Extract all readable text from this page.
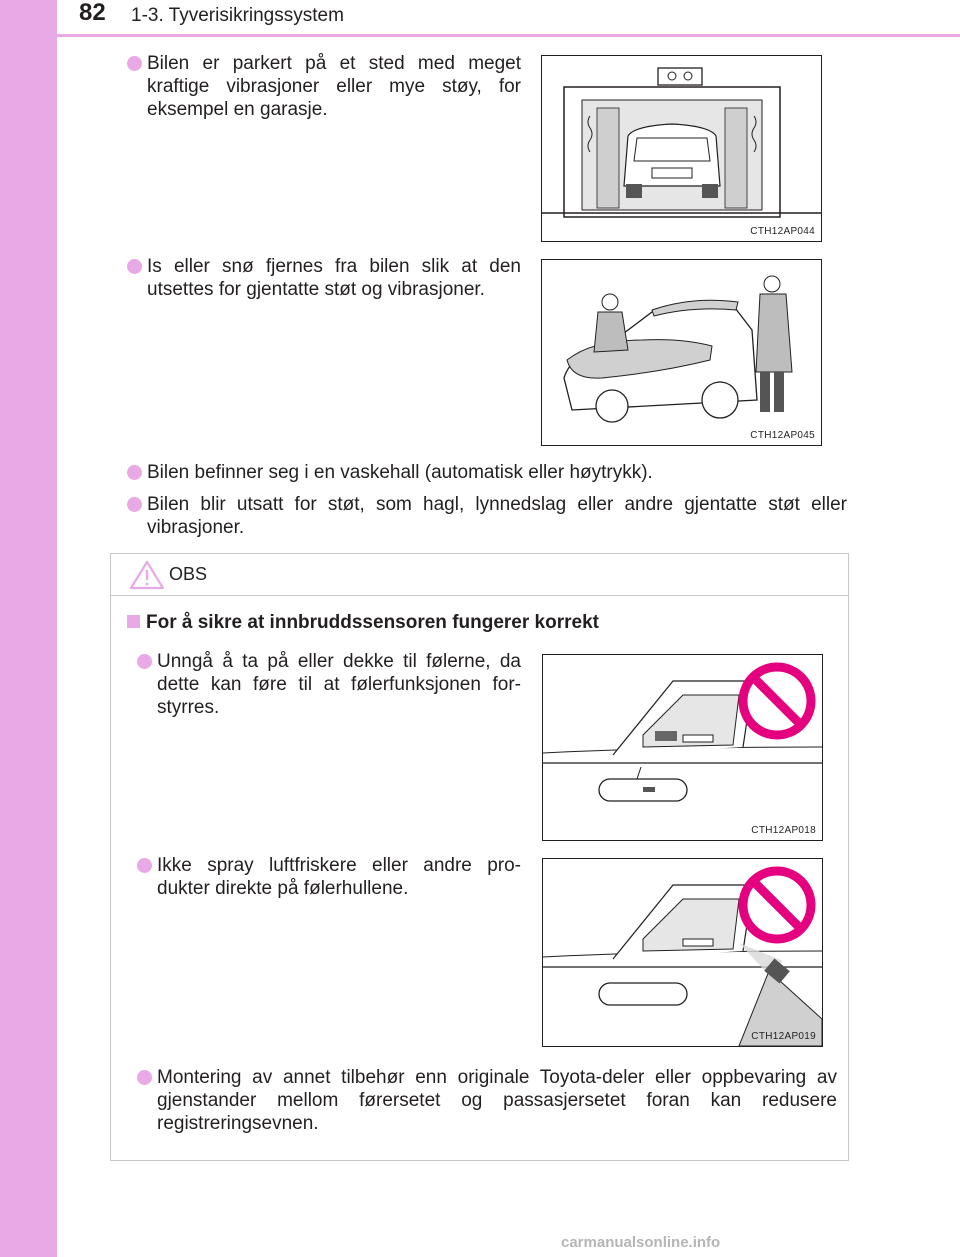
82 1-3. Tyverisikringssystem
Bilen er parkert på et sted med meget kraftige vibrasjoner eller mye støy, for eksempel en garasje.
CTH12AP044
Is eller snø fjernes fra bilen slik at den utsettes for gjentatte støt og vibrasjoner.
CTH12AP045
Bilen befinner seg i en vaskehall (automatisk eller høytrykk).
Bilen blir utsatt for støt, som hagl, lynnedslag eller andre gjentatte støt eller vibrasjoner.
OBS
For å sikre at innbruddssensoren fungerer korrekt
Unngå å ta på eller dekke til følerne, da dette kan føre til at følerfunksjonen for-styrres.
CTH12AP018
Ikke spray luftfriskere eller andre pro-dukter direkte på følerhullene.
CTH12AP019
Montering av annet tilbehør enn originale Toyota-deler eller oppbevaring av gjenstander mellom førersetet og passasjersetet foran kan redusere registreringsevnen.
carmanualsonline.info
